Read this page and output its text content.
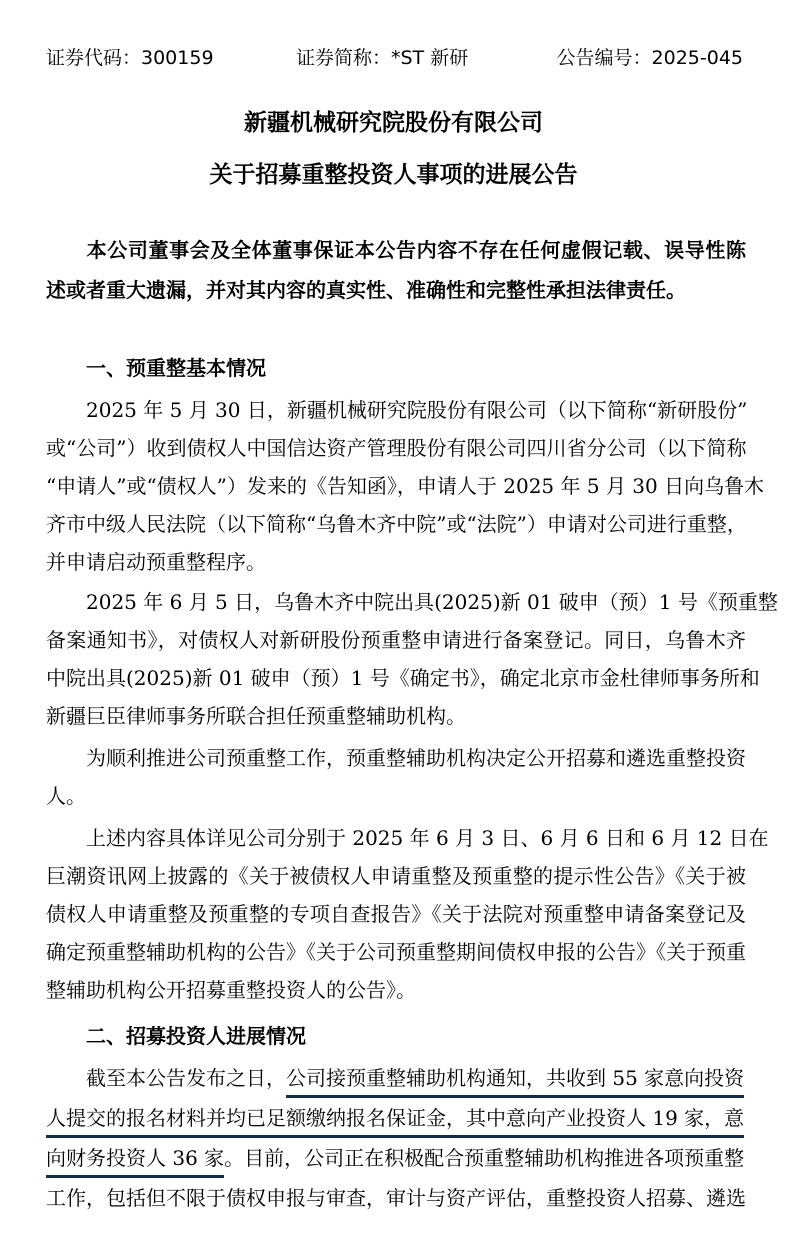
证券代码：300159	证券简称：*ST 新研	公告编号：2025-045
新疆机械研究院股份有限公司
关于招募重整投资人事项的进展公告
本公司董事会及全体董事保证本公告内容不存在任何虚假记载、误导性陈
述或者重大遗漏，并对其内容的真实性、准确性和完整性承担法律责任。
一、预重整基本情况
2025 年 5 月 30 日，新疆机械研究院股份有限公司（以下简称“新研股份”
或“公司”）收到债权人中国信达资产管理股份有限公司四川省分公司（以下简称
“申请人”或“债权人”）发来的《告知函》，申请人于 2025 年 5 月 30 日向乌鲁木
齐市中级人民法院（以下简称“乌鲁木齐中院”或“法院”）申请对公司进行重整，
并申请启动预重整程序。
2025 年 6 月 5 日，乌鲁木齐中院出具(2025)新 01 破申（预）1 号《预重整
备案通知书》，对债权人对新研股份预重整申请进行备案登记。同日，乌鲁木齐
中院出具(2025)新 01 破申（预）1 号《确定书》，确定北京市金杜律师事务所和
新疆巨臣律师事务所联合担任预重整辅助机构。
为顺利推进公司预重整工作，预重整辅助机构决定公开招募和遴选重整投资
人。
上述内容具体详见公司分别于 2025 年 6 月 3 日、6 月 6 日和 6 月 12 日在
巨潮资讯网上披露的《关于被债权人申请重整及预重整的提示性公告》《关于被
债权人申请重整及预重整的专项自查报告》《关于法院对预重整申请备案登记及
确定预重整辅助机构的公告》《关于公司预重整期间债权申报的公告》《关于预重
整辅助机构公开招募重整投资人的公告》。
二、招募投资人进展情况
截至本公告发布之日，公司接预重整辅助机构通知，共收到 55 家意向投资
人提交的报名材料并均已足额缴纳报名保证金，其中意向产业投资人 19 家，意
向财务投资人 36 家。目前，公司正在积极配合预重整辅助机构推进各项预重整
工作，包括但不限于债权申报与审查，审计与资产评估，重整投资人招募、遴选
